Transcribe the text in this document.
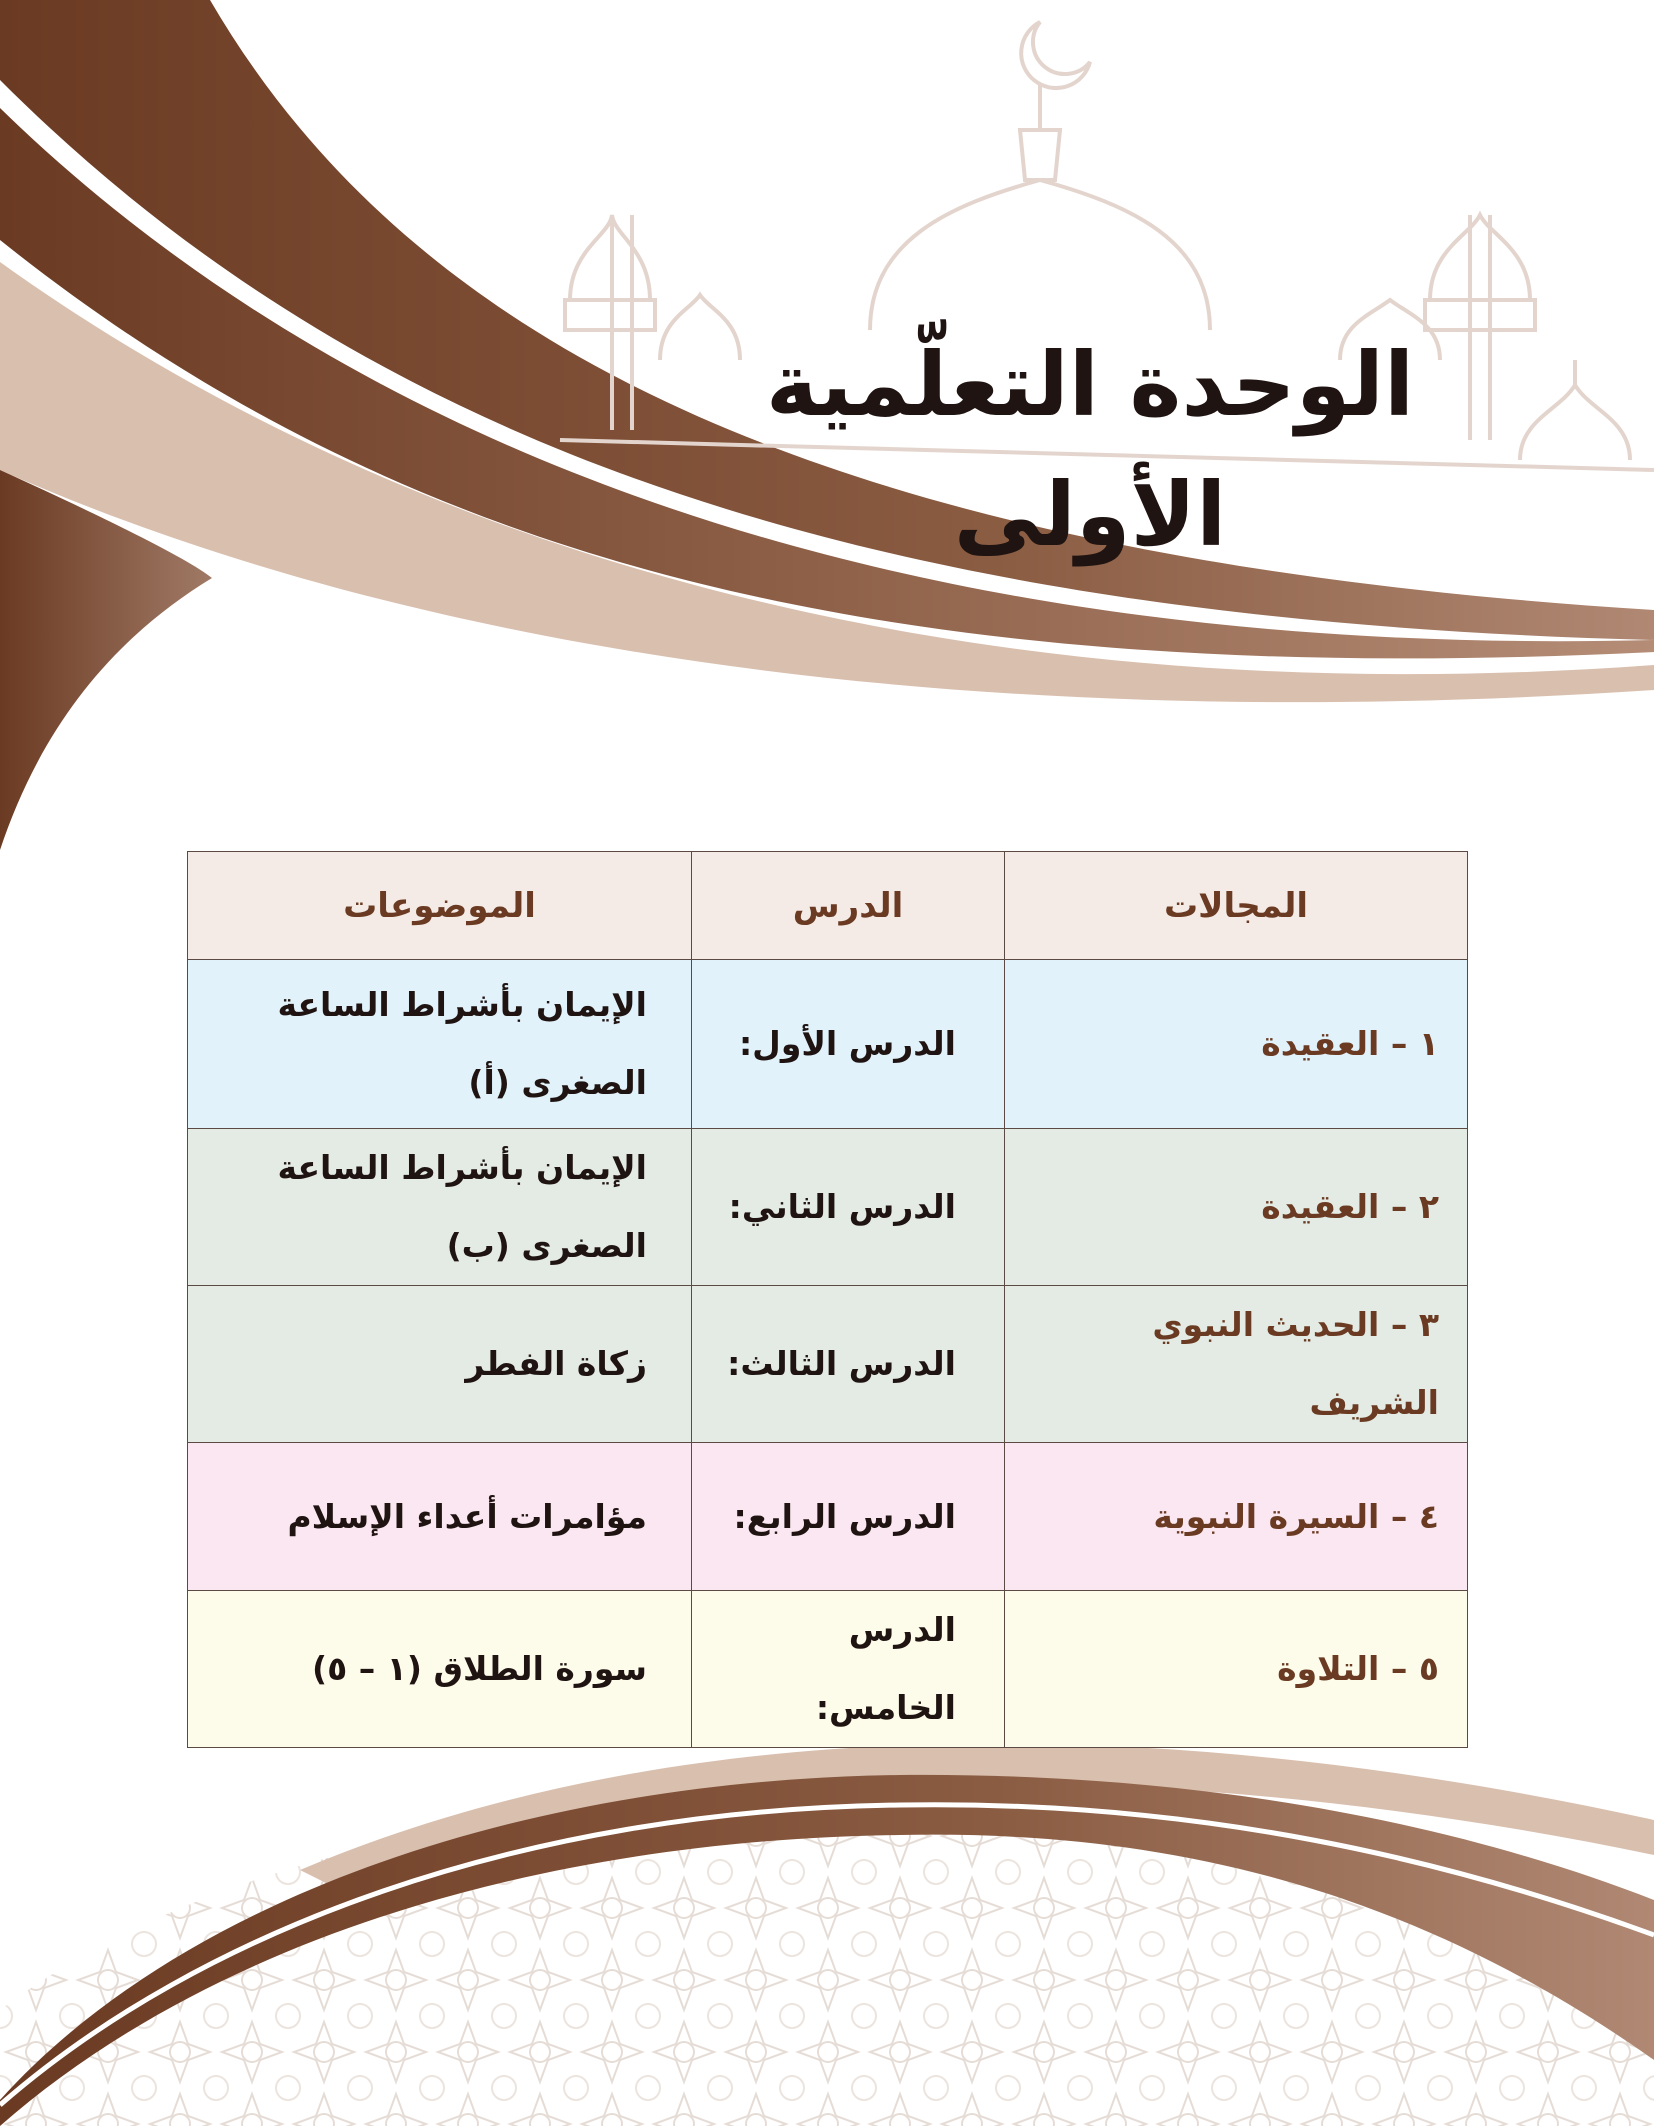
الوحدة التعلّمية الأولى
المجالات	الدرس	الموضوعات
١ – العقيدة	الدرس الأول:	الإيمان بأشراط الساعة
الصغرى (أ)

٢ – العقيدة	الدرس الثاني:	الإيمان بأشراط الساعة
الصغرى (ب)

٣ – الحديث النبوي الشريف	الدرس الثالث:	زكاة الفطر
٤ – السيرة النبوية	الدرس الرابع:	مؤامرات أعداء الإسلام
٥ – التلاوة	الدرس الخامس:	سورة الطلاق (١ – ٥)
